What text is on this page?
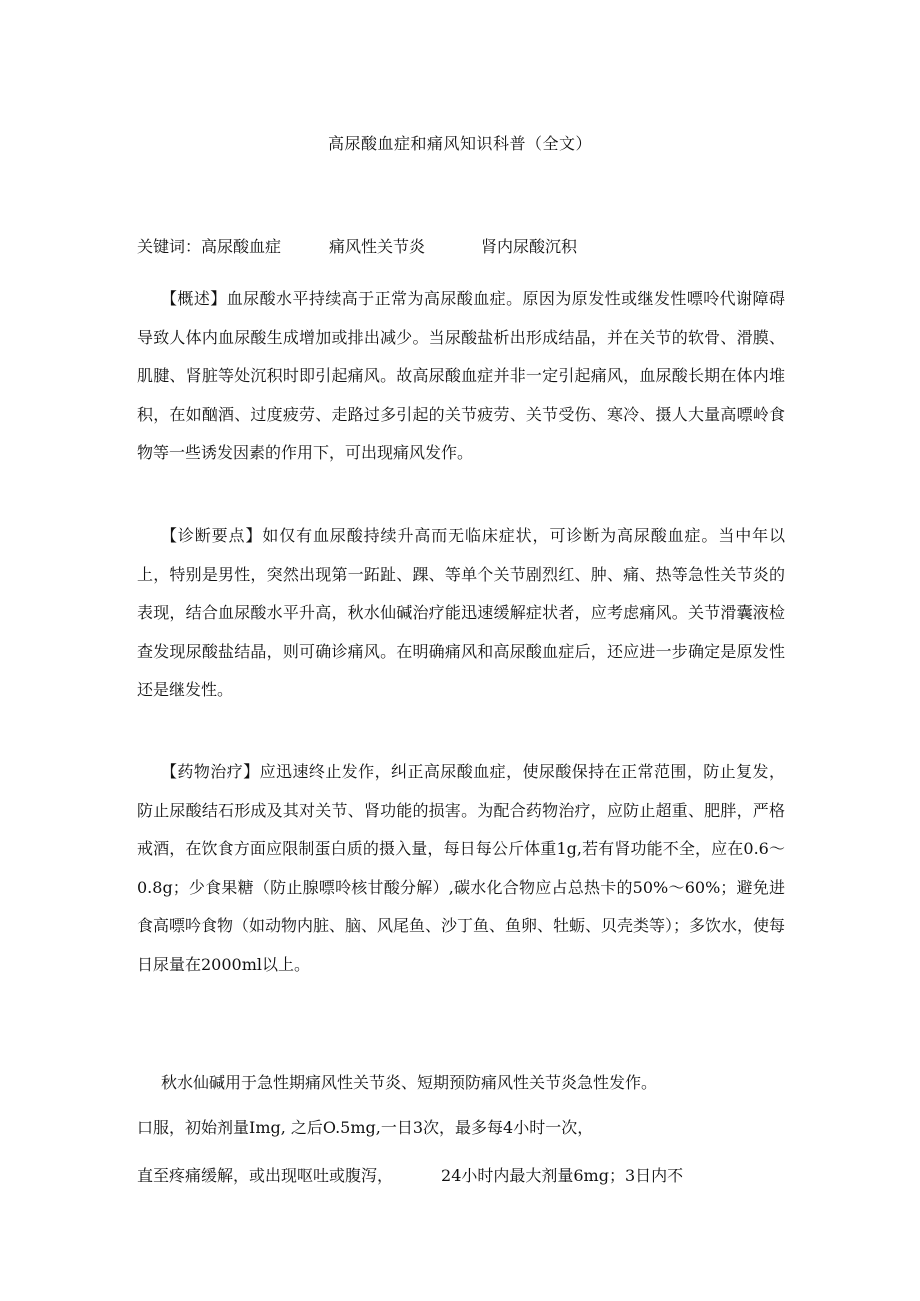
高尿酸血症和痛风知识科普（全文）
关键词：高尿酸血症	痛风性关节炎	肾内尿酸沉积
【概述】血尿酸水平持续高于正常为高尿酸血症。原因为原发性或继发性嘌呤代谢障碍导致人体内血尿酸生成增加或排出减少。当尿酸盐析出形成结晶，并在关节的软骨、滑膜、肌腱、肾脏等处沉积时即引起痛风。故高尿酸血症并非一定引起痛风，血尿酸长期在体内堆积，在如酗酒、过度疲劳、走路过多引起的关节疲劳、关节受伤、寒冷、摄人大量高嘌岭食物等一些诱发因素的作用下，可出现痛风发作。
【诊断要点】如仅有血尿酸持续升高而无临床症状，可诊断为高尿酸血症。当中年以上，特别是男性，突然出现第一跖趾、踝、等单个关节剧烈红、肿、痛、热等急性关节炎的表现，结合血尿酸水平升高，秋水仙碱治疗能迅速缓解症状者，应考虑痛风。关节滑囊液检查发现尿酸盐结晶，则可确诊痛风。在明确痛风和高尿酸血症后，还应进一步确定是原发性还是继发性。
【药物治疗】应迅速终止发作，纠正高尿酸血症，使尿酸保持在正常范围，防止复发，防止尿酸结石形成及其对关节、肾功能的损害。为配合药物治疗，应防止超重、肥胖，严格戒酒，在饮食方面应限制蛋白质的摄入量，每日每公斤体重1g,若有肾功能不全，应在0.6～0.8g；少食果糖（防止腺嘌呤核甘酸分解）,碳水化合物应占总热卡的50%～60%；避免进食高嘌吟食物（如动物内脏、脑、风尾鱼、沙丁鱼、鱼卵、牡蛎、贝壳类等）；多饮水，使每日尿量在2000ml以上。
秋水仙碱用于急性期痛风性关节炎、短期预防痛风性关节炎急性发作。
口服，初始剂量Img, 之后O.5mg,一日3次，最多每4小时一次，
直至疼痛缓解，或出现呕吐或腹泻，	24小时内最大剂量6mg；3日内不
